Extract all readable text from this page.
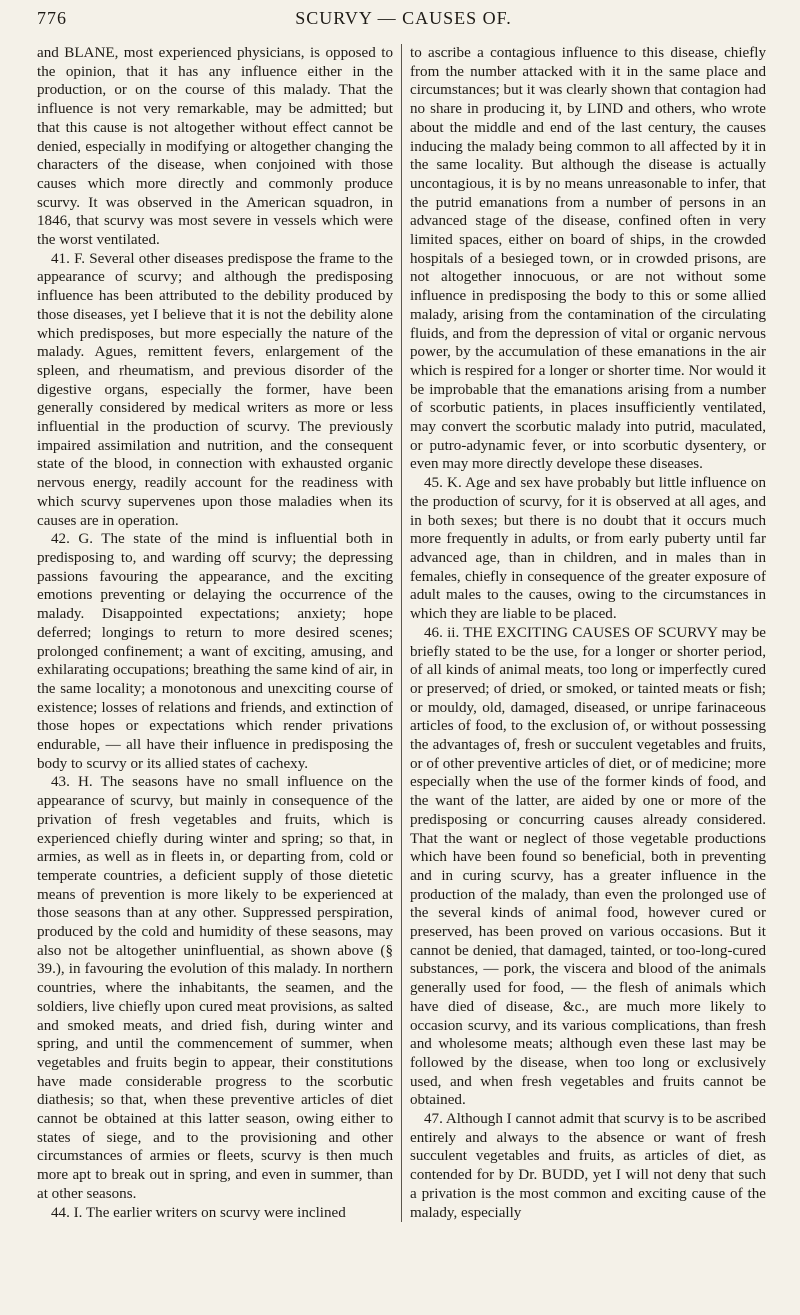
776	SCURVY — CAUSES OF.

and BLANE, most experienced physicians, is opposed to the opinion, that it has any influence either in the production, or on the course of this malady. That the influence is not very remarkable, may be admitted; but that this cause is not altogether without effect cannot be denied, especially in modifying or altogether changing the characters of the disease, when conjoined with those causes which more directly and commonly produce scurvy. It was observed in the American squadron, in 1846, that scurvy was most severe in vessels which were the worst ventilated.

41. F. Several other diseases predispose the frame to the appearance of scurvy; and although the predisposing influence has been attributed to the debility produced by those diseases, yet I believe that it is not the debility alone which predisposes, but more especially the nature of the malady. Agues, remittent fevers, enlargement of the spleen, and rheumatism, and previous disorder of the digestive organs, especially the former, have been generally considered by medical writers as more or less influential in the production of scurvy. The previously impaired assimilation and nutrition, and the consequent state of the blood, in connection with exhausted organic nervous energy, readily account for the readiness with which scurvy supervenes upon those maladies when its causes are in operation.

42. G. The state of the mind is influential both in predisposing to, and warding off scurvy; the depressing passions favouring the appearance, and the exciting emotions preventing or delaying the occurrence of the malady. Disappointed expectations; anxiety; hope deferred; longings to return to more desired scenes; prolonged confinement; a want of exciting, amusing, and exhilarating occupations; breathing the same kind of air, in the same locality; a monotonous and unexciting course of existence; losses of relations and friends, and extinction of those hopes or expectations which render privations endurable, — all have their influence in predisposing the body to scurvy or its allied states of cachexy.

43. H. The seasons have no small influence on the appearance of scurvy, but mainly in consequence of the privation of fresh vegetables and fruits, which is experienced chiefly during winter and spring; so that, in armies, as well as in fleets in, or departing from, cold or temperate countries, a deficient supply of those dietetic means of prevention is more likely to be experienced at those seasons than at any other. Suppressed perspiration, produced by the cold and humidity of these seasons, may also not be altogether uninfluential, as shown above (§ 39.), in favouring the evolution of this malady. In northern countries, where the inhabitants, the seamen, and the soldiers, live chiefly upon cured meat provisions, as salted and smoked meats, and dried fish, during winter and spring, and until the commencement of summer, when vegetables and fruits begin to appear, their constitutions have made considerable progress to the scorbutic diathesis; so that, when these preventive articles of diet cannot be obtained at this latter season, owing either to states of siege, and to the provisioning and other circumstances of armies or fleets, scurvy is then much more apt to break out in spring, and even in summer, than at other seasons.

44. I. The earlier writers on scurvy were inclined

to ascribe a contagious influence to this disease, chiefly from the number attacked with it in the same place and circumstances; but it was clearly shown that contagion had no share in producing it, by LIND and others, who wrote about the middle and end of the last century, the causes inducing the malady being common to all affected by it in the same locality. But although the disease is actually uncontagious, it is by no means unreasonable to infer, that the putrid emanations from a number of persons in an advanced stage of the disease, confined often in very limited spaces, either on board of ships, in the crowded hospitals of a besieged town, or in crowded prisons, are not altogether innocuous, or are not without some influence in predisposing the body to this or some allied malady, arising from the contamination of the circulating fluids, and from the depression of vital or organic nervous power, by the accumulation of these emanations in the air which is respired for a longer or shorter time. Nor would it be improbable that the emanations arising from a number of scorbutic patients, in places insufficiently ventilated, may convert the scorbutic malady into putrid, maculated, or putro-adynamic fever, or into scorbutic dysentery, or even may more directly develope these diseases.

45. K. Age and sex have probably but little influence on the production of scurvy, for it is observed at all ages, and in both sexes; but there is no doubt that it occurs much more frequently in adults, or from early puberty until far advanced age, than in children, and in males than in females, chiefly in consequence of the greater exposure of adult males to the causes, owing to the circumstances in which they are liable to be placed.

46. ii. THE EXCITING CAUSES OF SCURVY may be briefly stated to be the use, for a longer or shorter period, of all kinds of animal meats, too long or imperfectly cured or preserved; of dried, or smoked, or tainted meats or fish; or mouldy, old, damaged, diseased, or unripe farinaceous articles of food, to the exclusion of, or without possessing the advantages of, fresh or succulent vegetables and fruits, or of other preventive articles of diet, or of medicine; more especially when the use of the former kinds of food, and the want of the latter, are aided by one or more of the predisposing or concurring causes already considered. That the want or neglect of those vegetable productions which have been found so beneficial, both in preventing and in curing scurvy, has a greater influence in the production of the malady, than even the prolonged use of the several kinds of animal food, however cured or preserved, has been proved on various occasions. But it cannot be denied, that damaged, tainted, or too-long-cured substances, — pork, the viscera and blood of the animals generally used for food, — the flesh of animals which have died of disease, &c., are much more likely to occasion scurvy, and its various complications, than fresh and wholesome meats; although even these last may be followed by the disease, when too long or exclusively used, and when fresh vegetables and fruits cannot be obtained.

47. Although I cannot admit that scurvy is to be ascribed entirely and always to the absence or want of fresh succulent vegetables and fruits, as articles of diet, as contended for by Dr. BUDD, yet I will not deny that such a privation is the most common and exciting cause of the malady, especially
